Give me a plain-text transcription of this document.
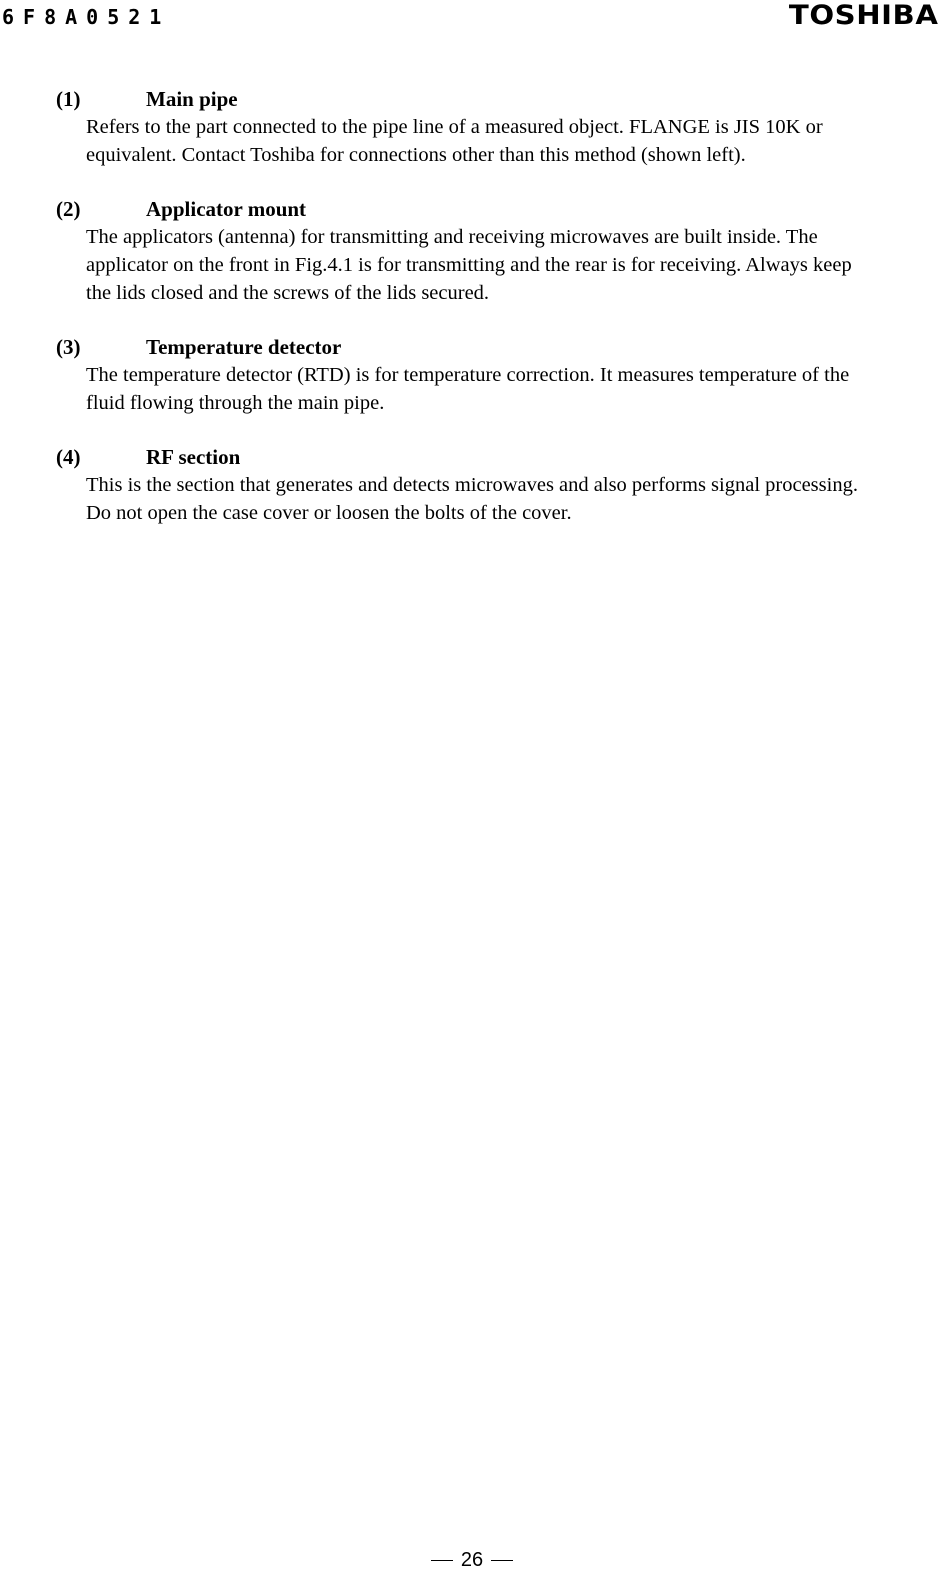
6F8A0521	TOSHIBA
(1)	Main pipe
Refers to the part connected to the pipe line of a measured object. FLANGE is JIS 10K or
equivalent. Contact Toshiba for connections other than this method (shown left).
(2)	Applicator mount
The applicators (antenna) for transmitting and receiving microwaves are built inside. The
applicator on the front in Fig.4.1 is for transmitting and the rear is for receiving. Always keep
the lids closed and the screws of the lids secured.
(3)	Temperature detector
The temperature detector (RTD) is for temperature correction. It measures temperature of the
fluid flowing through the main pipe.
(4)	RF section
This is the section that generates and detects microwaves and also performs signal processing.
Do not open the case cover or loosen the bolts of the cover.
26
